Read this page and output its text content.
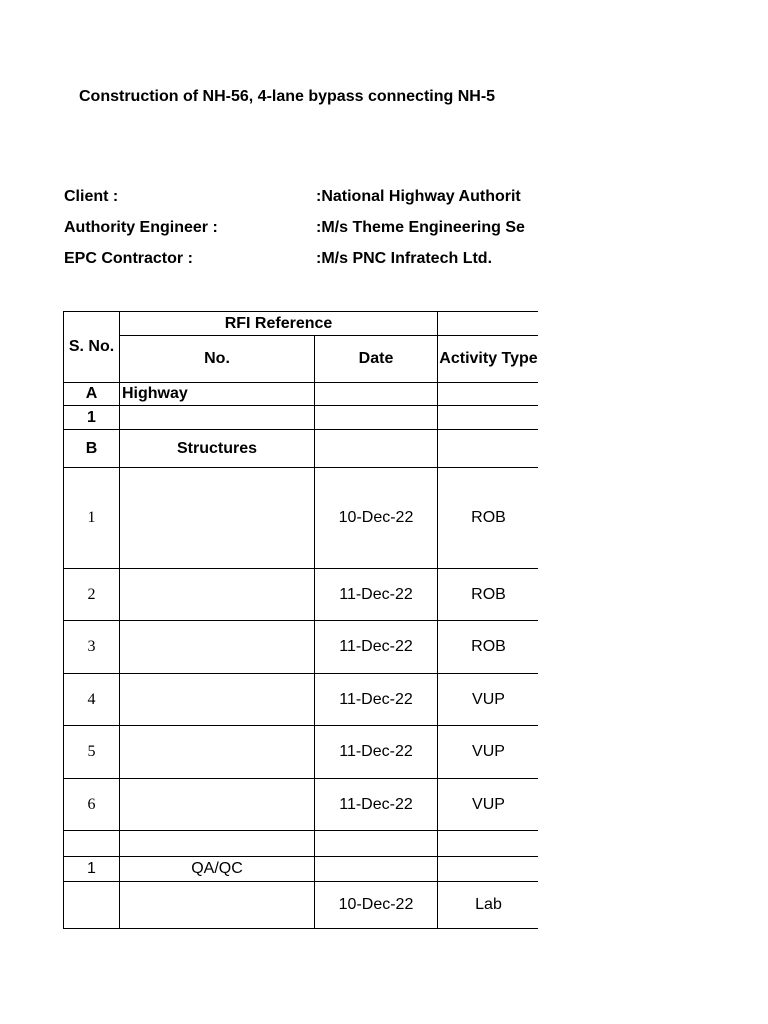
Construction of NH-56, 4-lane bypass connecting NH-5
Client :	:National Highway Authorit
Authority Engineer :	:M/s Theme Engineering Se
EPC Contractor :	:M/s PNC Infratech Ltd.
S. No.	RFI Reference			
	No.	Date	Activity Type	
A	Highway			
1				
B	Structures			
1		10-Dec-22	ROB	
2		11-Dec-22	ROB	
3		11-Dec-22	ROB	
4		11-Dec-22	VUP	
5		11-Dec-22	VUP	
6		11-Dec-22	VUP	

1	QA/QC			
		10-Dec-22	Lab	
